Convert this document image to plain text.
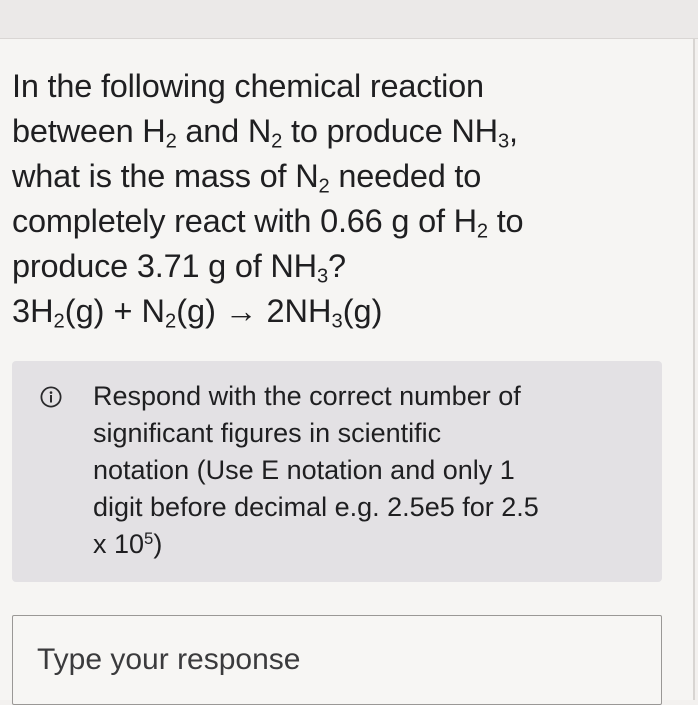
In the following chemical reaction
between $H_2$ and $N_2$ to produce $NH_3$,
what is the mass of $N_2$ needed to
completely react with 0.66 g of $H_2$ to
produce 3.71 g of $NH_3$?
$3H_2(g) + N_2(g) \to 2NH_3(g)$
Respond with the correct number of
significant figures in scientific
notation (Use E notation and only 1
digit before decimal e.g. 2.5e5 for 2.5
x $10^5$)
Type your response
